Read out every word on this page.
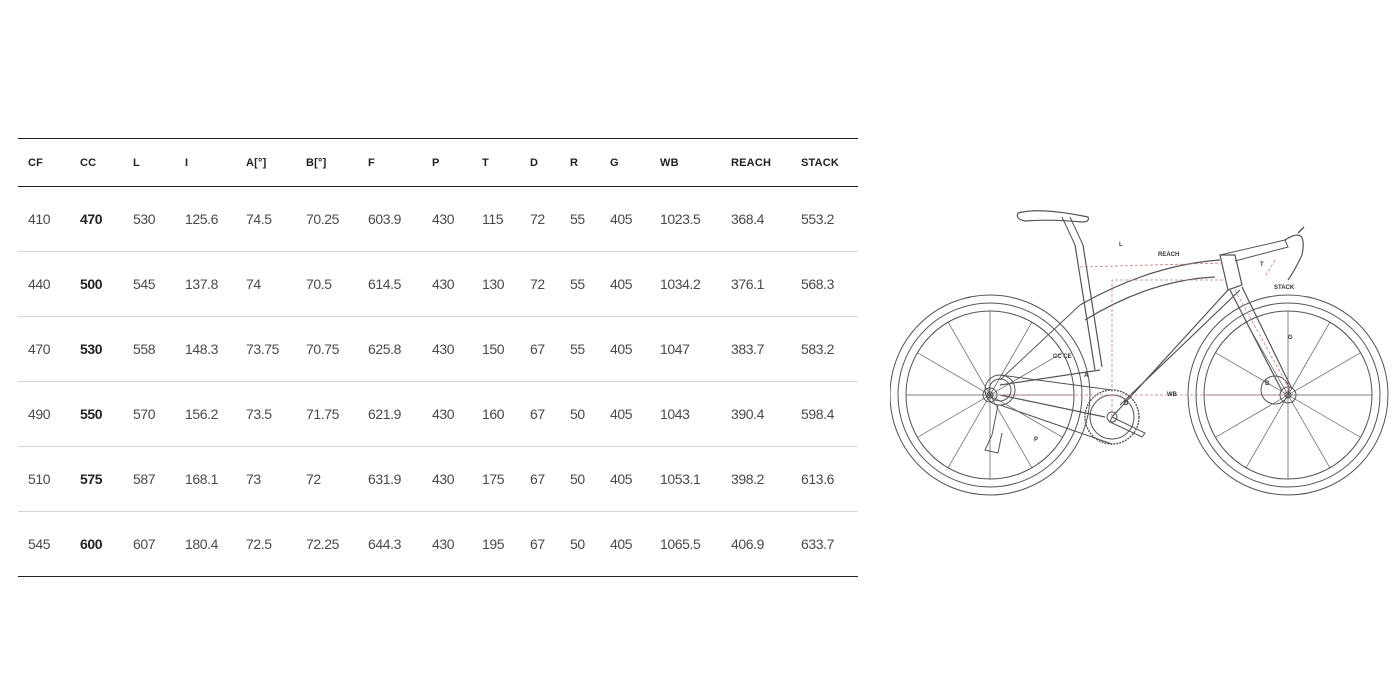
CF	CC	L	I	A[°]	B[°]	F	P	T	D	R	G	WB	REACH	STACK
410	470	530	125.6	74.5	70.25	603.9	430	115	72	55	405	1023.5	368.4	553.2
440	500	545	137.8	74	70.5	614.5	430	130	72	55	405	1034.2	376.1	568.3
470	530	558	148.3	73.75	70.75	625.8	430	150	67	55	405	1047	383.7	583.2
490	550	570	156.2	73.5	71.75	621.9	430	160	67	50	405	1043	390.4	598.4
510	575	587	168.1	73	72	631.9	430	175	67	50	405	1053.1	398.2	613.6
545	600	607	180.4	72.5	72.25	644.3	430	195	67	50	405	1065.5	406.9	633.7
L
REACH
STACK
T
G
CC CE
A
D
WB
P
B
